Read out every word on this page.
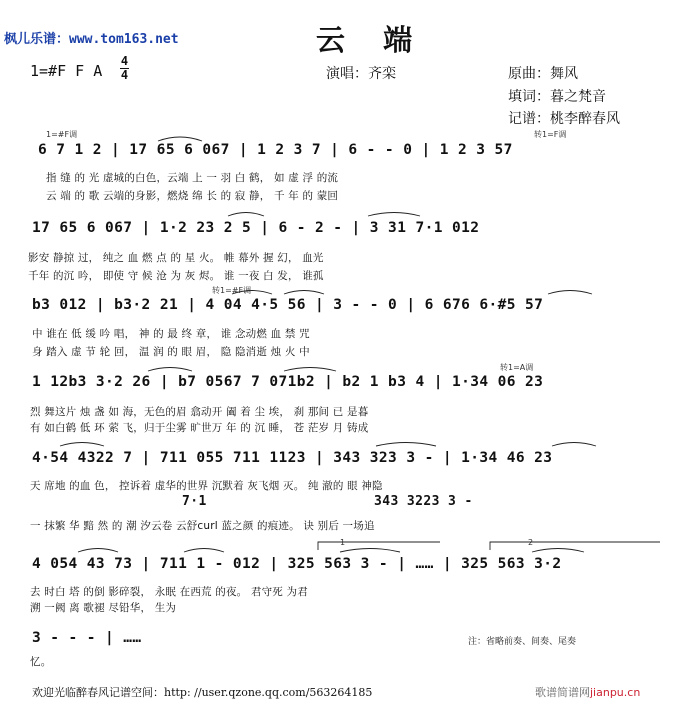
枫儿乐谱：www.tom163.net	云 端
1=#F F A
4
4	演唱：齐栾	原曲：舞风
填词：暮之梵音
记谱：桃李醉春风
1=#F调	转1=F调
转1=#F调
转1=A调
6 7 1 2 | 17 65 6 067 | 1 2 3 7 | 6 - - 0 | 1 2 3 57
指 缝 的 光 虚城的白色，云端 上 一 羽 白 鹤， 如 虚 浮 的流
云 端 的 歌 云端的身影，燃烧 绵 长 的 寂 静， 千 年 的 蒙回
17 65 6 067 | 1·2 23 2 5 | 6 - 2 - | 3 31 7·1 012
影安 静掠 过， 纯之 血 燃 点 的 星 火。 帷 幕外 握 幻， 血光
千年 的沉 吟， 即使 守 候 沧 为 灰 烬。 谁 一夜 白 发， 谁孤
b3 012 | b3·2 21 | 4 04 4·5 56 | 3 - - 0 | 6 676 6·#5 57
中 谁在 低 缓 吟 唱， 神 的 最 终 章， 谁 念动燃 血 禁 咒
身 踏入 虚 节 轮 回， 温 润 的 眼 眉， 隐 隐消逝 烛 火 中
1 12b3 3·2 26 | b7 0567 7 071b2 | b2 1 b3 4 | 1·34 06 23
烈 舞这片 烛 盏 如 海，无色的眉 翕动开 阖 着 尘 埃， 刹 那间 已 是暮
有 如白鹤 低 环 萦 飞，归于尘雾 旷世万 年 的 沉 睡， 苍 茫岁 月 铸成
4·54 4322 7 | 711 055 711 1123 | 343 323 3 - | 1·34 46 23
天 席地 的血 色， 控诉着 虚华的世界 沉默着 灰飞烟 灭。 纯 澈的 眼 神隐
7·1	343 3223 3 -
一 抹繁 华 黯 然 的 潮 汐云卷 云舒curl 蓝之颜 的痕迹。 诀 别后 一场追
1	2
4 054 43 73 | 711 1 - 012 | 325 563 3 - | …… | 325 563 3·2
去 时白 塔 的倒 影碎裂， 永眠 在西荒 的夜。 君守死 为君
溯 一阙 离 歌褪 尽铅华， 生为
3 - - - | ……
忆。
注：省略前奏、间奏、尾奏
欢迎光临醉春风记谱空间：http: //user.qzone.qq.com/563264185	歌谱简谱网jianpu.cn
